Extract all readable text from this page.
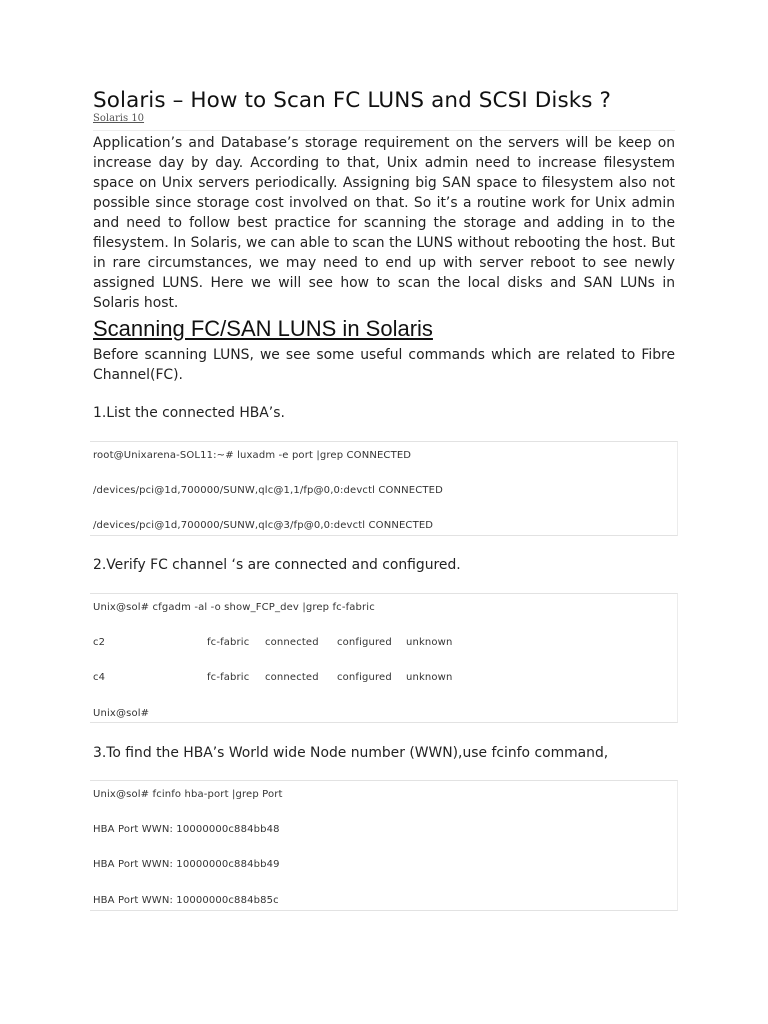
Solaris – How to Scan FC LUNS and SCSI Disks ?
Solaris 10

Application’s and Database’s storage requirement on the servers will be keep on increase day by day. According to that, Unix admin need to increase filesystem space on Unix servers periodically. Assigning big SAN space to filesystem also not possible since storage cost involved on that. So it’s a routine work for Unix admin and need to follow best practice for scanning the storage and adding in to the filesystem. In Solaris, we can able to scan the LUNS without rebooting the host. But in rare circumstances, we may need to end up with server reboot to see newly assigned LUNS. Here we will see how to scan the local disks and SAN LUNs in Solaris host.

Scanning FC/SAN LUNS in Solaris

Before scanning LUNS, we see some useful commands which are related to Fibre Channel(FC).

1.List the connected HBA’s.

root@Unixarena-SOL11:~# luxadm -e port |grep CONNECTED
/devices/pci@1d,700000/SUNW,qlc@1,1/fp@0,0:devctl CONNECTED
/devices/pci@1d,700000/SUNW,qlc@3/fp@0,0:devctl CONNECTED

2.Verify FC channel ‘s are connected and configured.

Unix@sol# cfgadm -al -o show_FCP_dev |grep fc-fabric

c2

	fc-fabric

connected

configured

unknown

c4

	fc-fabric

connected

configured

unknown

Unix@sol#

3.To find the HBA’s World wide Node number (WWN),use fcinfo command,

Unix@sol# fcinfo hba-port |grep Port
HBA Port WWN: 10000000c884bb48
HBA Port WWN: 10000000c884bb49
HBA Port WWN: 10000000c884b85c
